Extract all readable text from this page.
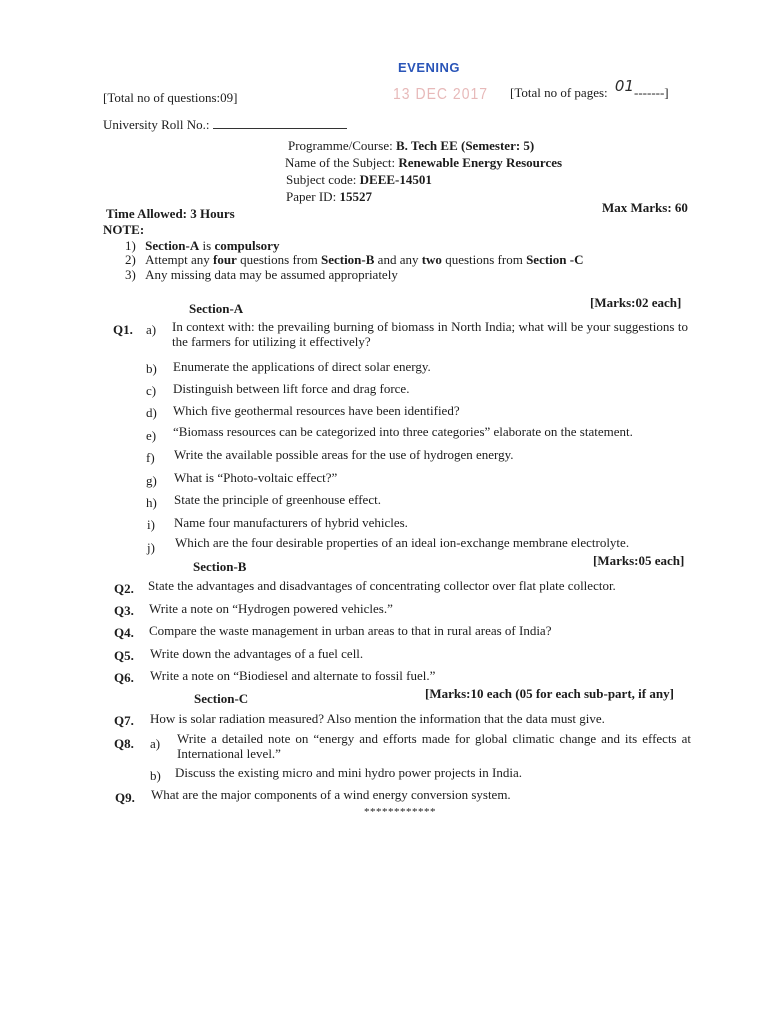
EVENING
13 DEC 2017
[Total no of questions:09]	[Total no of pages: 01-------]
University Roll No.:
Programme/Course: B. Tech EE (Semester: 5)
Name of the Subject: Renewable Energy Resources
Subject code: DEEE-14501
Paper ID: 15527
Time Allowed: 3 Hours	Max Marks: 60
NOTE:
1) Section-A is compulsory
2) Attempt any four questions from Section-B and any two questions from Section -C
3) Any missing data may be assumed appropriately
Section-A	[Marks:02 each]
Q1. a) In context with: the prevailing burning of biomass in North India; what will be your suggestions to the farmers for utilizing it effectively?
b) Enumerate the applications of direct solar energy.
c) Distinguish between lift force and drag force.
d) Which five geothermal resources have been identified?
e) “Biomass resources can be categorized into three categories” elaborate on the statement.
f) Write the available possible areas for the use of hydrogen energy.
g) What is “Photo-voltaic effect?”
h) State the principle of greenhouse effect.
i) Name four manufacturers of hybrid vehicles.
j) Which are the four desirable properties of an ideal ion-exchange membrane electrolyte.
Section-B	[Marks:05 each]
Q2. State the advantages and disadvantages of concentrating collector over flat plate collector.
Q3. Write a note on “Hydrogen powered vehicles.”
Q4. Compare the waste management in urban areas to that in rural areas of India?
Q5. Write down the advantages of a fuel cell.
Q6. Write a note on “Biodiesel and alternate to fossil fuel.”
Section-C	[Marks:10 each (05 for each sub-part, if any]
Q7. How is solar radiation measured? Also mention the information that the data must give.
Q8. a) Write a detailed note on “energy and efforts made for global climatic change and its effects at International level.”
b) Discuss the existing micro and mini hydro power projects in India.
Q9. What are the major components of a wind energy conversion system.
************
